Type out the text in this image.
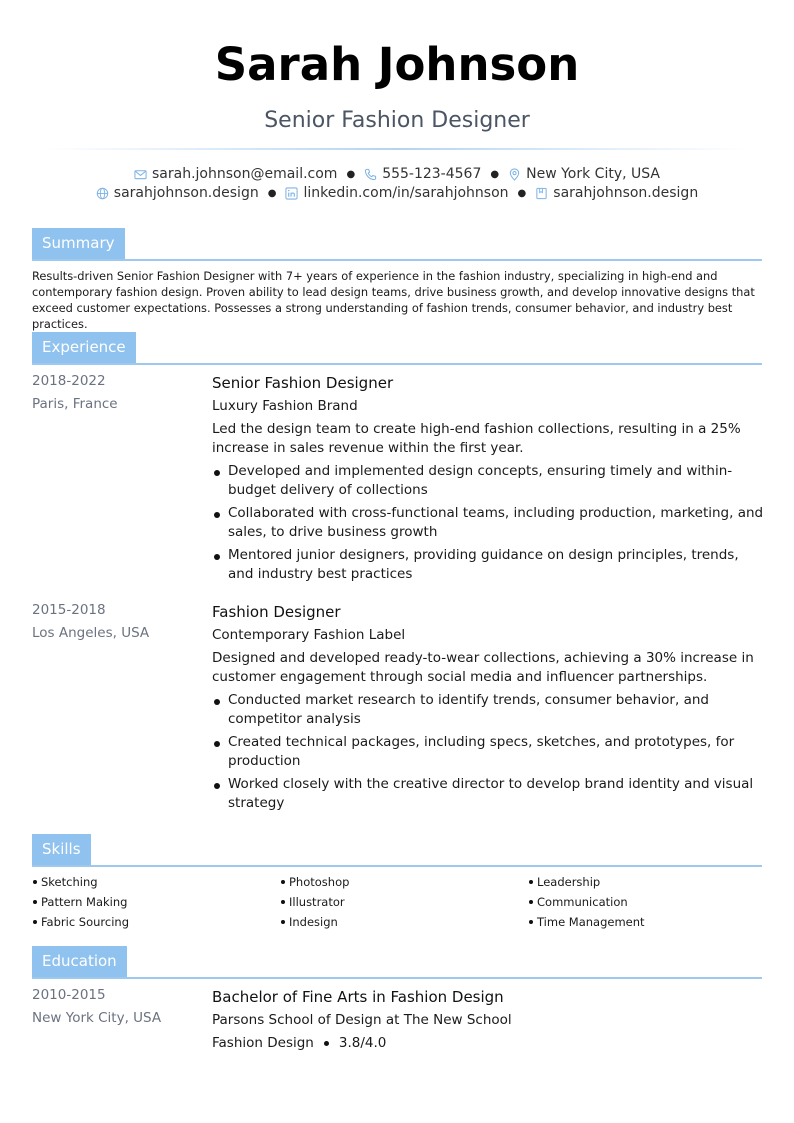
Sarah Johnson
Senior Fashion Designer
sarah.johnson@email.com ● 555-123-4567 ● New York City, USA
sarahjohnson.design ● linkedin.com/in/sarahjohnson ● sarahjohnson.design
Summary
Results-driven Senior Fashion Designer with 7+ years of experience in the fashion industry, specializing in high-end and contemporary fashion design. Proven ability to lead design teams, drive business growth, and develop innovative designs that exceed customer expectations. Possesses a strong understanding of fashion trends, consumer behavior, and industry best practices.
Experience
2018-2022
Paris, France
Senior Fashion Designer
Luxury Fashion Brand
Led the design team to create high-end fashion collections, resulting in a 25% increase in sales revenue within the first year.
Developed and implemented design concepts, ensuring timely and within-budget delivery of collections
Collaborated with cross-functional teams, including production, marketing, and sales, to drive business growth
Mentored junior designers, providing guidance on design principles, trends, and industry best practices
2015-2018
Los Angeles, USA
Fashion Designer
Contemporary Fashion Label
Designed and developed ready-to-wear collections, achieving a 30% increase in customer engagement through social media and influencer partnerships.
Conducted market research to identify trends, consumer behavior, and competitor analysis
Created technical packages, including specs, sketches, and prototypes, for production
Worked closely with the creative director to develop brand identity and visual strategy
Skills
Sketching	Photoshop	Leadership
Pattern Making	Illustrator	Communication
Fabric Sourcing	Indesign	Time Management
Education
2010-2015
New York City, USA
Bachelor of Fine Arts in Fashion Design
Parsons School of Design at The New School
Fashion Design 3.8/4.0
